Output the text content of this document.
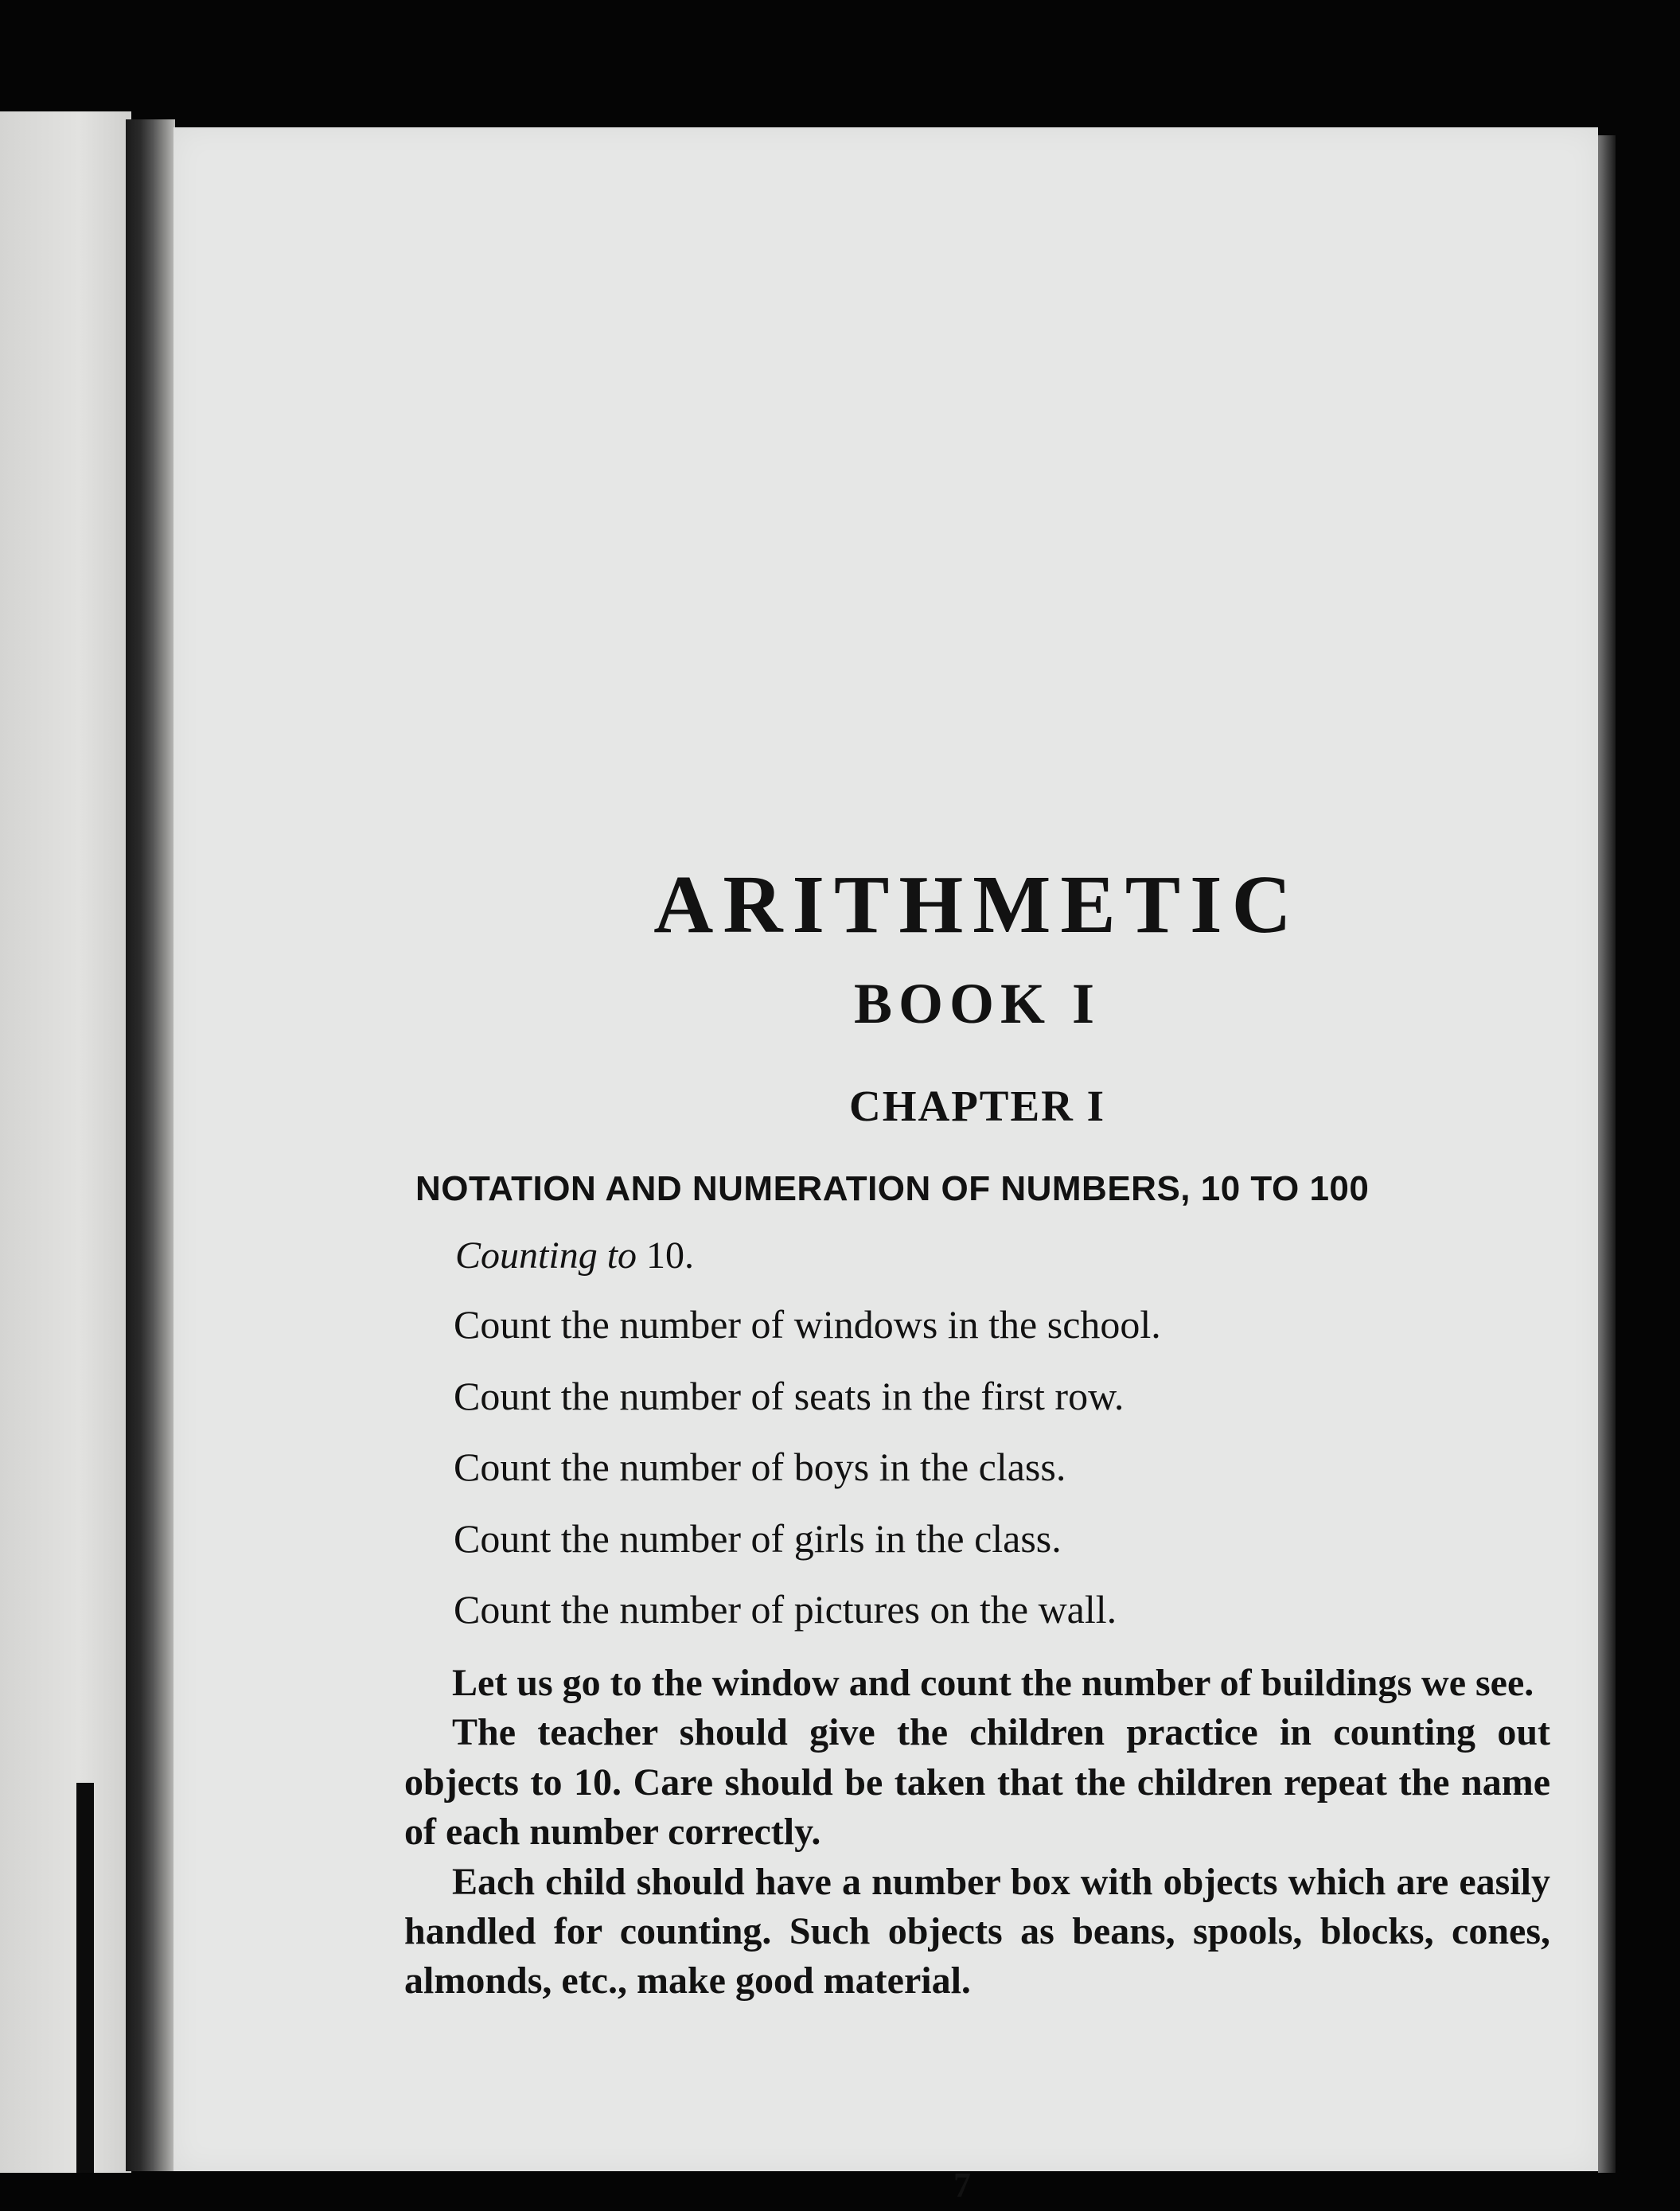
ARITHMETIC
BOOK I
CHAPTER I
NOTATION AND NUMERATION OF NUMBERS, 10 TO 100
Counting to 10.
Count the number of windows in the school.
Count the number of seats in the first row.
Count the number of boys in the class.
Count the number of girls in the class.
Count the number of pictures on the wall.

Let us go to the window and count the number of buildings we see.

The teacher should give the children practice in counting out objects to 10. Care should be taken that the children repeat the name of each number correctly.

Each child should have a number box with objects which are easily handled for counting. Such objects as beans, spools, blocks, cones, almonds, etc., make good material.

7
